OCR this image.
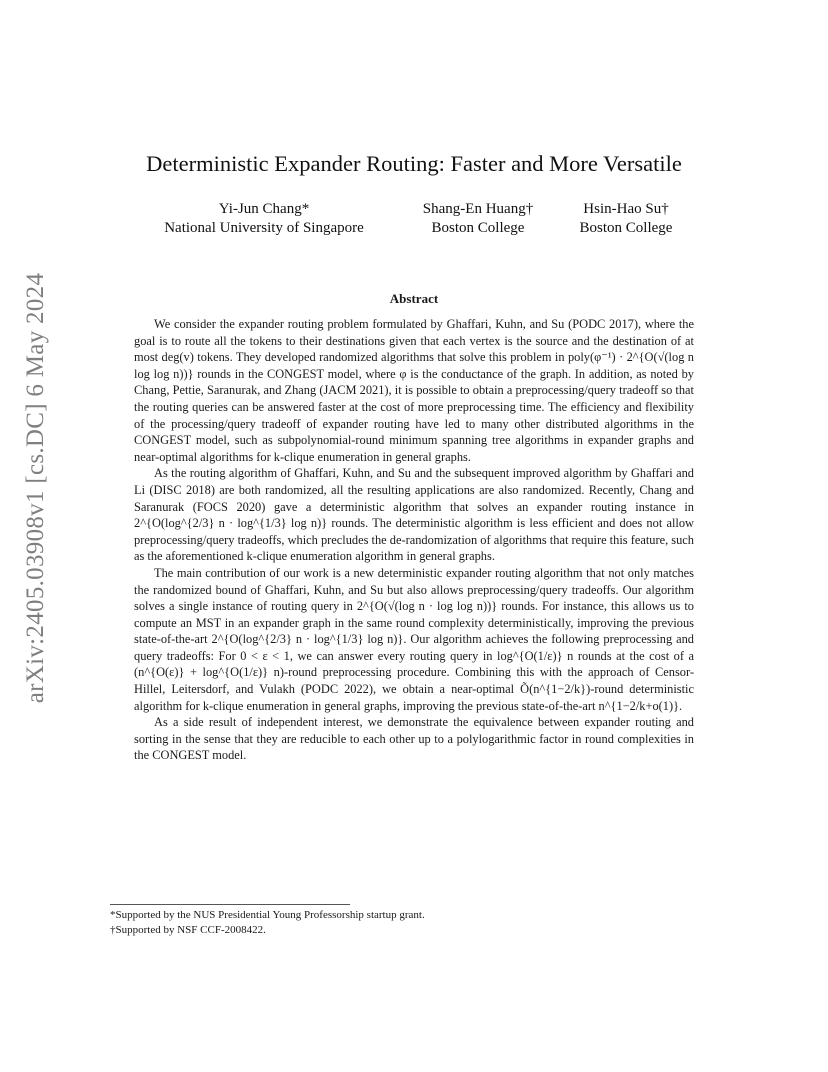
arXiv:2405.03908v1 [cs.DC] 6 May 2024
Deterministic Expander Routing: Faster and More Versatile
Yi-Jun Chang*
National University of Singapore
Shang-En Huang†
Boston College
Hsin-Hao Su†
Boston College
Abstract

We consider the expander routing problem formulated by Ghaffari, Kuhn, and Su (PODC 2017), where the goal is to route all the tokens to their destinations given that each vertex is the source and the destination of at most deg(v) tokens. They developed randomized algorithms that solve this problem in poly(φ⁻¹) · 2^{O(√(log n log log n))} rounds in the CONGEST model, where φ is the conductance of the graph. In addition, as noted by Chang, Pettie, Saranurak, and Zhang (JACM 2021), it is possible to obtain a preprocessing/query tradeoff so that the routing queries can be answered faster at the cost of more preprocessing time. The efficiency and flexibility of the processing/query tradeoff of expander routing have led to many other distributed algorithms in the CONGEST model, such as subpolynomial-round minimum spanning tree algorithms in expander graphs and near-optimal algorithms for k-clique enumeration in general graphs.

As the routing algorithm of Ghaffari, Kuhn, and Su and the subsequent improved algorithm by Ghaffari and Li (DISC 2018) are both randomized, all the resulting applications are also randomized. Recently, Chang and Saranurak (FOCS 2020) gave a deterministic algorithm that solves an expander routing instance in 2^{O(log^{2/3} n · log^{1/3} log n)} rounds. The deterministic algorithm is less efficient and does not allow preprocessing/query tradeoffs, which precludes the de-randomization of algorithms that require this feature, such as the aforementioned k-clique enumeration algorithm in general graphs.

The main contribution of our work is a new deterministic expander routing algorithm that not only matches the randomized bound of Ghaffari, Kuhn, and Su but also allows preprocessing/query tradeoffs. Our algorithm solves a single instance of routing query in 2^{O(√(log n · log log n))} rounds. For instance, this allows us to compute an MST in an expander graph in the same round complexity deterministically, improving the previous state-of-the-art 2^{O(log^{2/3} n · log^{1/3} log n)}. Our algorithm achieves the following preprocessing and query tradeoffs: For 0 < ε < 1, we can answer every routing query in log^{O(1/ε)} n rounds at the cost of a (n^{O(ε)} + log^{O(1/ε)} n)-round preprocessing procedure. Combining this with the approach of Censor-Hillel, Leitersdorf, and Vulakh (PODC 2022), we obtain a near-optimal Õ(n^{1−2/k})-round deterministic algorithm for k-clique enumeration in general graphs, improving the previous state-of-the-art n^{1−2/k+o(1)}.

As a side result of independent interest, we demonstrate the equivalence between expander routing and sorting in the sense that they are reducible to each other up to a polylogarithmic factor in round complexities in the CONGEST model.

*Supported by the NUS Presidential Young Professorship startup grant.
†Supported by NSF CCF-2008422.
